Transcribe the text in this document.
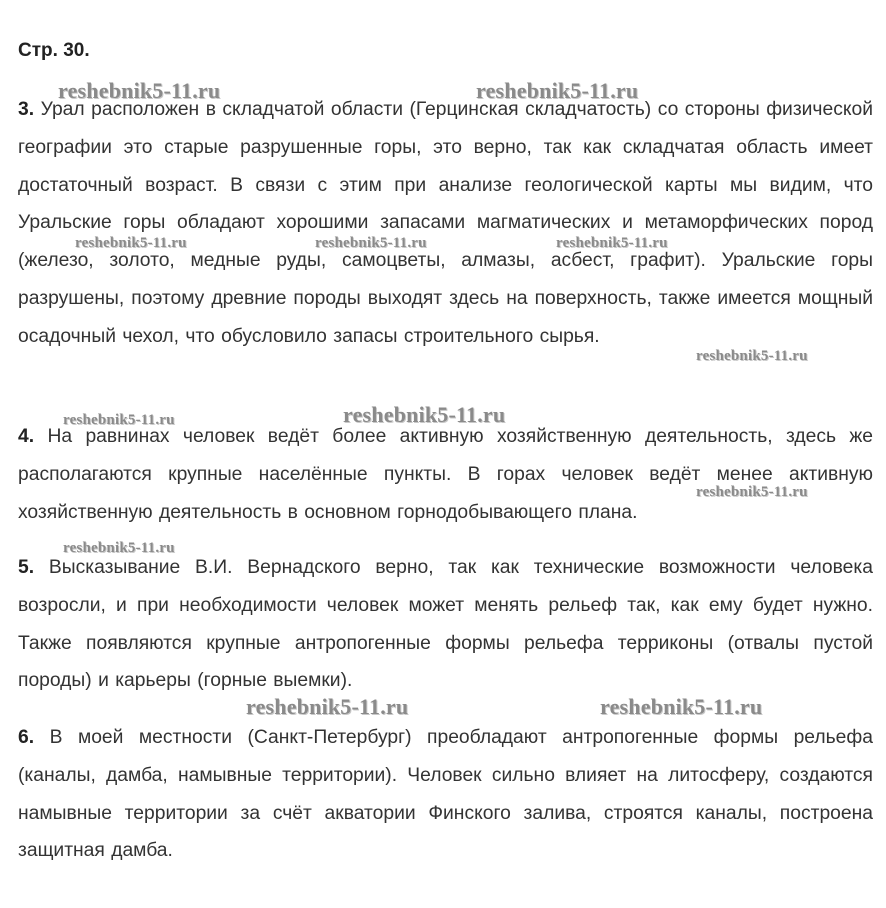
Стр. 30.

3. Урал расположен в складчатой области (Герцинская складчатость) со стороны физической географии это старые разрушенные горы, это верно, так как складчатая область имеет достаточный возраст. В связи с этим при анализе геологической карты мы видим, что Уральские горы обладают хорошими запасами магматических и метаморфических пород (железо, золото, медные руды, самоцветы, алмазы, асбест, графит). Уральские горы разрушены, поэтому древние породы выходят здесь на поверхность, также имеется мощный осадочный чехол, что обусловило запасы строительного сырья.

4. На равнинах человек ведёт более активную хозяйственную деятельность, здесь же располагаются крупные населённые пункты. В горах человек ведёт менее активную хозяйственную деятельность в основном горнодобывающего плана.

5. Высказывание В.И. Вернадского верно, так как технические возможности человека возросли, и при необходимости человек может менять рельеф так, как ему будет нужно. Также появляются крупные антропогенные формы рельефа терриконы (отвалы пустой породы) и карьеры (горные выемки).

6. В моей местности (Санкт-Петербург) преобладают антропогенные формы рельефа (каналы, дамба, намывные территории). Человек сильно влияет на литосферу, создаются намывные территории за счёт акватории Финского залива, строятся каналы, построена защитная дамба.

reshebnik5-11.ru	reshebnik5-11.ru
reshebnik5-11.ru	reshebnik5-11.ru	reshebnik5-11.ru
reshebnik5-11.ru
reshebnik5-11.ru	reshebnik5-11.ru
reshebnik5-11.ru
reshebnik5-11.ru
reshebnik5-11.ru	reshebnik5-11.ru
